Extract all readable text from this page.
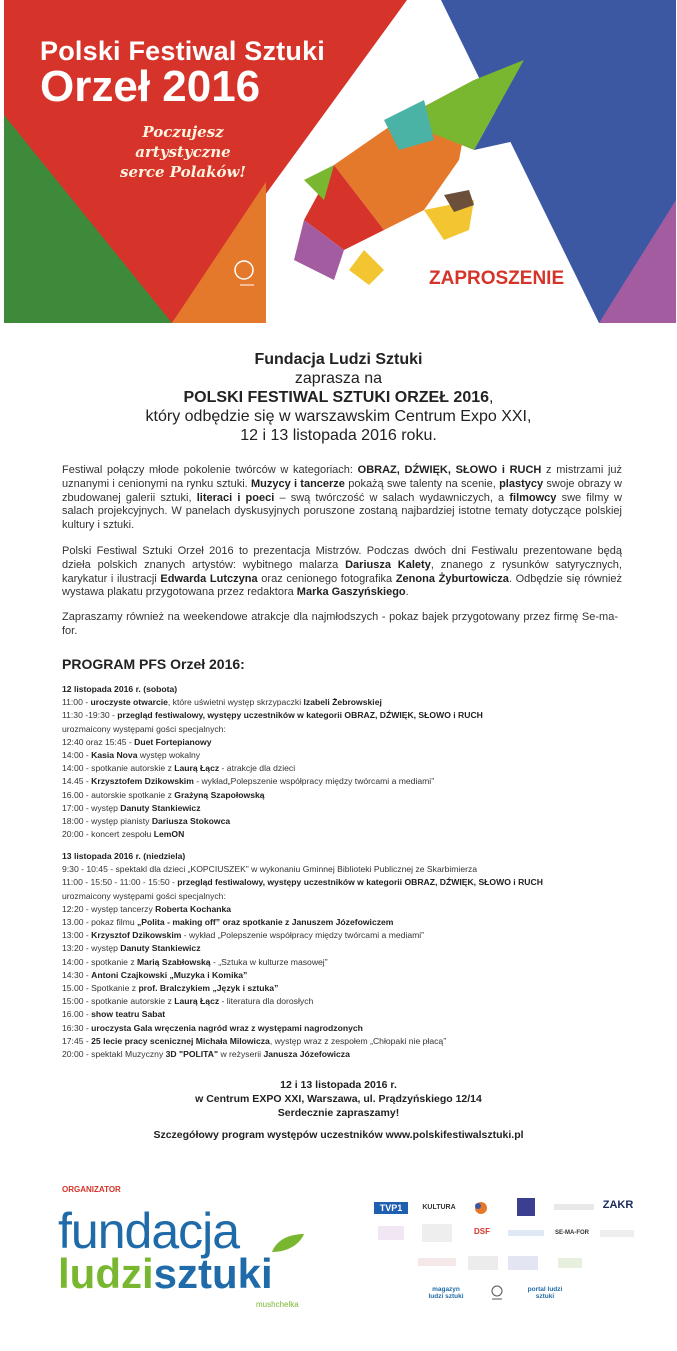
Polski Festiwal Sztuki
Orzeł 2016
Poczujesz artystyczne
serce Polaków!
ZAPROSZENIE
Fundacja Ludzi Sztuki
zaprasza na
POLSKI FESTIWAL SZTUKI ORZEŁ 2016,
który odbędzie się w warszawskim Centrum Expo XXI,
12 i 13 listopada 2016 roku.
Festiwal połączy młode pokolenie twórców w kategoriach: OBRAZ, DŹWIĘK, SŁOWO i RUCH z mistrzami już uznanymi i cenionymi na rynku sztuki. Muzycy i tancerze pokażą swe talenty na scenie, plastycy swoje obrazy w zbudowanej galerii sztuki, literaci i poeci – swą twórczość w salach wydawniczych, a filmowcy swe filmy w salach projekcyjnych. W panelach dyskusyjnych poruszone zostaną najbardziej istotne tematy dotyczące polskiej kultury i sztuki.
Polski Festiwal Sztuki Orzeł 2016 to prezentacja Mistrzów. Podczas dwóch dni Festiwalu prezentowane będą dzieła polskich znanych artystów: wybitnego malarza Dariusza Kalety, znanego z rysunków satyrycznych, karykatur i ilustracji Edwarda Lutczyna oraz cenionego fotografika Zenona Żyburtowicza. Odbędzie się również wystawa plakatu przygotowana przez redaktora Marka Gaszyńskiego.
Zapraszamy również na weekendowe atrakcje dla najmłodszych - pokaz bajek przygotowany przez firmę Se-ma-for.
PROGRAM PFS Orzeł 2016:
12 listopada 2016 r. (sobota)
11:00 - uroczyste otwarcie, które uświetni występ skrzypaczki Izabeli Żebrowskiej
11:30 -19:30 - przegląd festiwalowy, występy uczestników w kategorii OBRAZ, DŹWIĘK, SŁOWO i RUCH
urozmaicony występami gości specjalnych:
12:40 oraz 15:45 - Duet Fortepianowy
14:00 - Kasia Nova występ wokalny
14:00 - spotkanie autorskie z Laurą Łącz - atrakcje dla dzieci
14.45 - Krzysztofem Dzikowskim - wykład„Polepszenie współpracy między twórcami a mediami”
16.00 - autorskie spotkanie z Grażyną Szapołowską
17:00 - występ Danuty Stankiewicz
18:00 - występ pianisty Dariusza Stokowca
20:00 - koncert zespołu LemON
13 listopada 2016 r. (niedziela)
9:30 - 10:45 - spektakl dla dzieci „KOPCIUSZEK” w wykonaniu Gminnej Biblioteki Publicznej ze Skarbimierza
11:00 - 15:50 - 11:00 - 15:50 - przegląd festiwalowy, występy uczestników w kategorii OBRAZ, DŹWIĘK, SŁOWO i RUCH
urozmaicony występami gości specjalnych:
12:20 - występ tancerzy Roberta Kochanka
13.00 - pokaz filmu „Polita - making off” oraz spotkanie z Januszem Józefowiczem
13:00 - Krzysztof Dzikowskim - wykład „Polepszenie współpracy między twórcami a mediami”
13:20 - występ Danuty Stankiewicz
14:00 - spotkanie z Marią Szabłowską - „Sztuka w kulturze masowej”
14:30 - Antoni Czajkowski „Muzyka i Komika”
15.00 - Spotkanie z prof. Bralczykiem „Język i sztuka”
15:00 - spotkanie autorskie z Laurą Łącz - literatura dla dorosłych
16.00 - show teatru Sabat
16:30 - uroczysta Gala wręczenia nagród wraz z występami nagrodzonych
17:45 - 25 lecie pracy scenicznej Michała Milowicza, występ wraz z zespołem „Chłopaki nie płacą”
20:00 - spektakl Muzyczny 3D "POLITA" w reżyserii Janusza Józefowicza
12 i 13 listopada 2016 r.
w Centrum EXPO XXI, Warszawa, ul. Prądzyńskiego 12/14
Serdecznie zapraszamy!
Szczegółowy program występów uczestników www.polskifestiwalsztuki.pl
ORGANIZATOR
fundacja
ludzisztuki
mushchelka
TVP1	KULTURA	ZAKR
DSF	SE-MA-FOR
magazyn ludzi sztuki
portal ludzi sztuki
